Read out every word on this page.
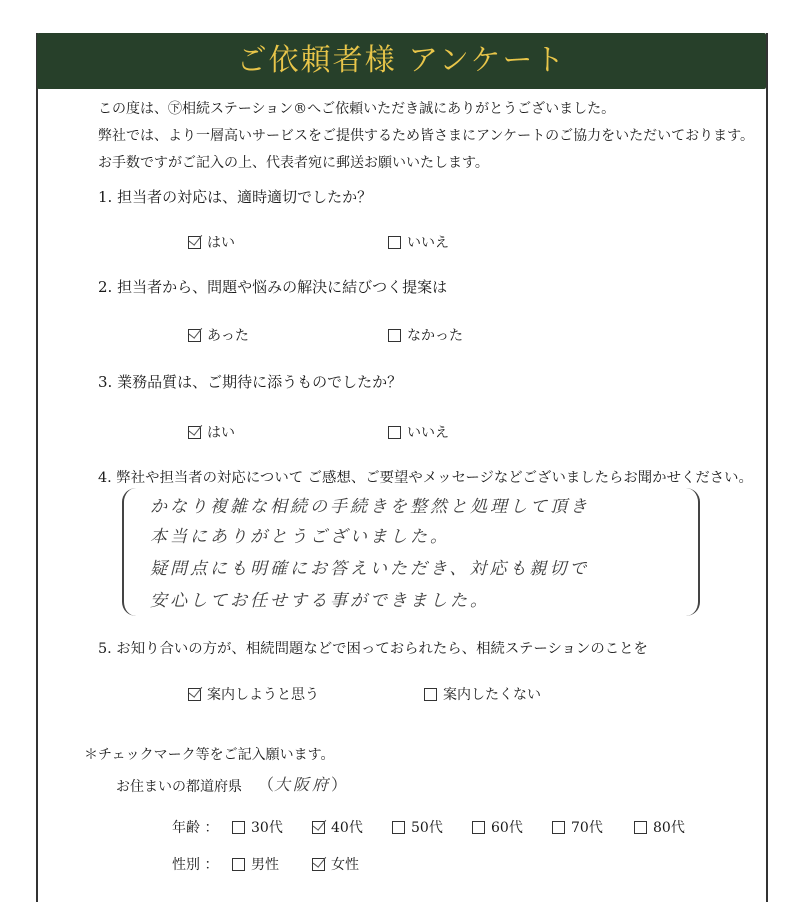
ご依頼者様 アンケート
この度は、㊦相続ステーション®へご依頼いただき誠にありがとうございました。
弊社では、より一層高いサービスをご提供するため皆さまにアンケートのご協力をいただいております。
お手数ですがご記入の上、代表者宛に郵送お願いいたします。
1. 担当者の対応は、適時適切でしたか？
はい	いいえ
2. 担当者から、問題や悩みの解決に結びつく提案は
あった	なかった
3. 業務品質は、ご期待に添うものでしたか？
はい	いいえ
4. 弊社や担当者の対応について ご感想、ご要望やメッセージなどございましたらお聞かせください。
かなり複雑な相続の手続きを整然と処理して頂き
本当にありがとうございました。
疑問点にも明確にお答えいただき、対応も親切で
安心してお任せする事ができました。
5. お知り合いの方が、相続問題などで困っておられたら、相続ステーションのことを
案内しようと思う	案内したくない
＊チェックマーク等をご記入願います。
お住まいの都道府県 （大阪府）
年齢 ： 30代	40代	50代	60代	70代	80代
性別 ： 男性	女性
